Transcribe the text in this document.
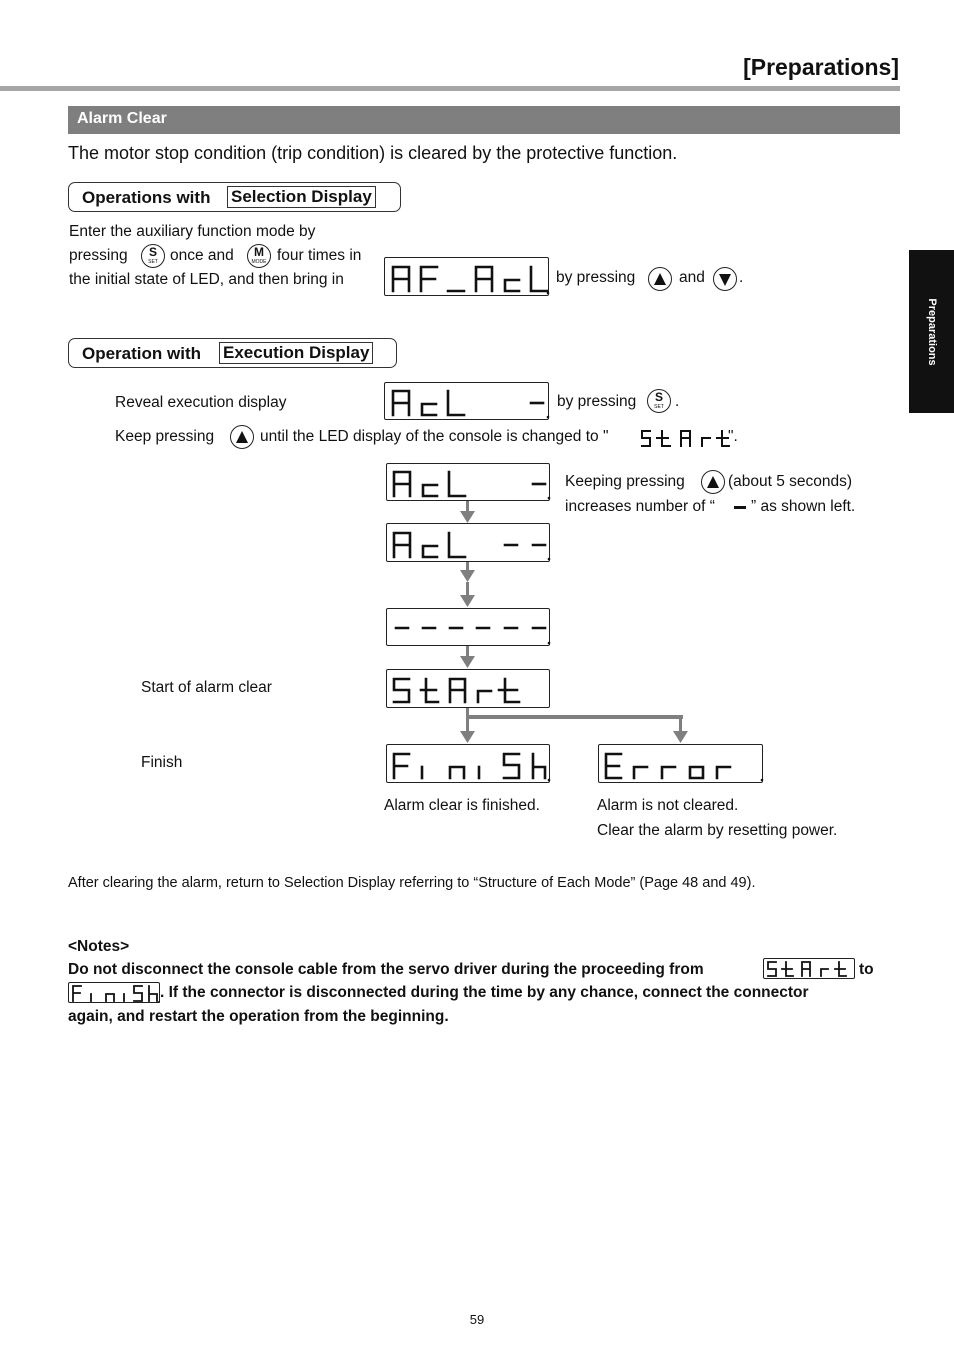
[Preparations]
Preparations
Alarm Clear
The motor stop condition (trip condition) is cleared by the protective function.
Operations with Selection Display
Enter the auxiliary function mode by
pressing	S
SET once and	M
MODE four times in
the initial state of LED, and then bring in	by pressing	and .
Operation with Execution Display
Reveal execution display	by pressing	S
SET .
Keep pressing	until the LED display of the console is changed to "	".
Keeping pressing	(about 5 seconds)
increases number of “ ” as shown left.
Start of alarm clear
Finish
Alarm clear is finished.	Alarm is not cleared.
Clear the alarm by resetting power.
After clearing the alarm, return to Selection Display referring to “Structure of Each Mode” (Page 48 and 49).
<Notes>
Do not disconnect the console cable from the servo driver during the proceeding from	to
. If the connector is disconnected during the time by any chance, connect the connector
again, and restart the operation from the beginning.
59
